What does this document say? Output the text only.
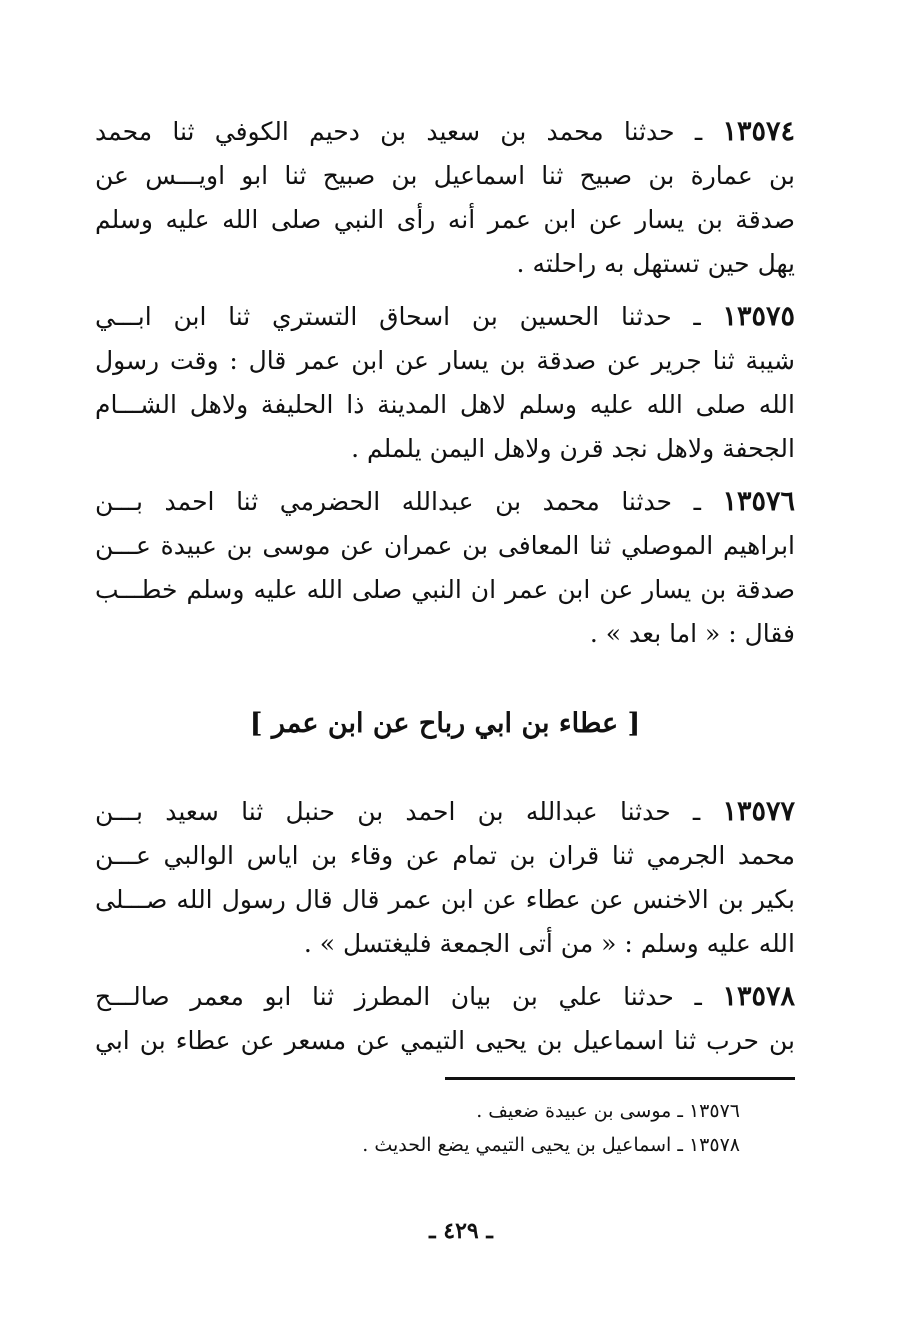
١٣٥٧٤ ـ حدثنا محمد بن سعيد بن دحيم الكوفي ثنا محمد
بن عمارة بن صبيح ثنا اسماعيل بن صبيح ثنا ابو اويـــس عن
صدقة بن يسار عن ابن عمر أنه رأى النبي صلى الله عليه وسلم
يهل حين تستهل به راحلته .
١٣٥٧٥ ـ حدثنا الحسين بن اسحاق التستري ثنا ابن ابـــي
شيبة ثنا جرير عن صدقة بن يسار عن ابن عمر قال : وقت رسول
الله صلى الله عليه وسلم لاهل المدينة ذا الحليفة ولاهل الشـــام
الجحفة ولاهل نجد قرن ولاهل اليمن يلملم .
١٣٥٧٦ ـ حدثنا محمد بن عبدالله الحضرمي ثنا احمد بـــن
ابراهيم الموصلي ثنا المعافى بن عمران عن موسى بن عبيدة عـــن
صدقة بن يسار عن ابن عمر ان النبي صلى الله عليه وسلم خطـــب
فقال : « اما بعد » .
[ عطاء بن ابي رباح عن ابن عمر ]
١٣٥٧٧ ـ حدثنا عبدالله بن احمد بن حنبل ثنا سعيد بـــن
محمد الجرمي ثنا قران بن تمام عن وقاء بن اياس الوالبي عـــن
بكير بن الاخنس عن عطاء عن ابن عمر قال قال رسول الله صـــلى
الله عليه وسلم : « من أتى الجمعة فليغتسل » .
١٣٥٧٨ ـ حدثنا علي بن بيان المطرز ثنا ابو معمر صالـــح
بن حرب ثنا اسماعيل بن يحيى التيمي عن مسعر عن عطاء بن ابي
١٣٥٧٦ ـ موسى بن عبيدة ضعيف .
١٣٥٧٨ ـ اسماعيل بن يحيى التيمي يضع الحديث .
ـ ٤٢٩ ـ
